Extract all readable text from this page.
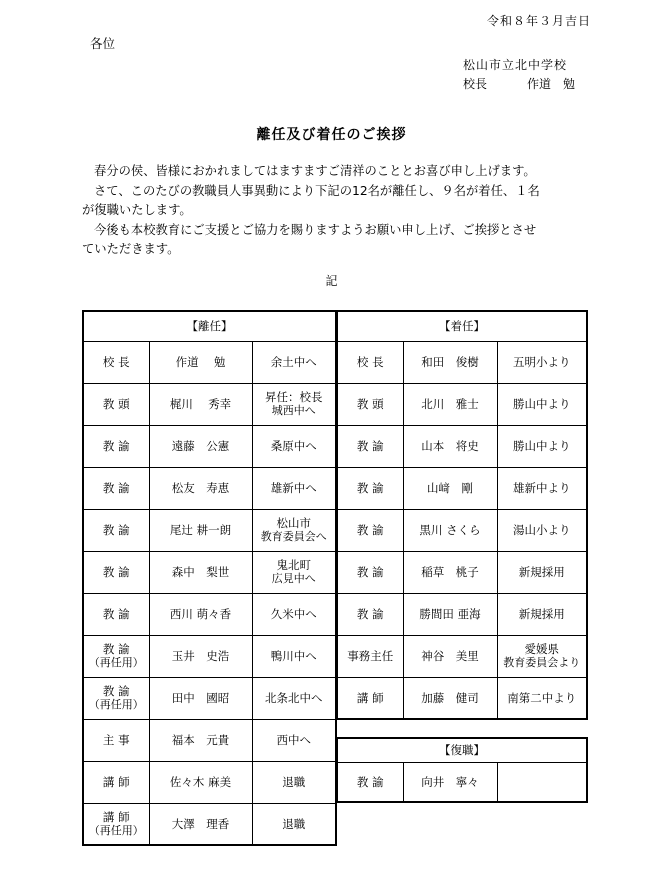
令和８年３月吉日
各位
松山市立北中学校
校長	作道　勉
離任及び着任のご挨拶

春分の侯、皆様におかれましてはますますご清祥のこととお喜び申し上げます。

さて、このたびの教職員人事異動により下記の12名が離任し、９名が着任、１名

が復職いたします。

今後も本校教育にご支援とご協力を賜りますようお願い申し上げ、ご挨拶とさせ

ていただきます。

記
【離任】		

校 長	作道　 勉	余土中へ

教 頭	梶川　 秀幸	昇任：校長
城西中へ

教 諭	遠藤　公憲	桑原中へ

教 諭	松友　寿恵	雄新中へ

教 諭	尾辻 耕一朗	松山市
教育委員会へ

教 諭	森中　梨世	鬼北町
広見中へ

教 諭	西川 萌々香	久米中へ

教 諭
（再任用）	玉井　史浩	鴨川中へ

教 諭
（再任用）	田中　國昭	北条北中へ

主 事	福本　元貴	西中へ

講 師	佐々木 麻美	退職

講 師
（再任用）	大澤　理香	退職
【着任】		

校 長	和田　俊樹	五明小より

教 頭	北川　雅士	勝山中より

教 諭	山本　将史	勝山中より

教 諭	山﨑　剛	雄新中より

教 諭	黒川 さくら	湯山小より

教 諭	稲草　桃子	新規採用

教 諭	勝間田 亜海	新規採用

事務主任	神谷　美里	愛媛県
教育委員会より

講 師	加藤　健司	南第二中より
【復職】

教 諭	向井　寧々
